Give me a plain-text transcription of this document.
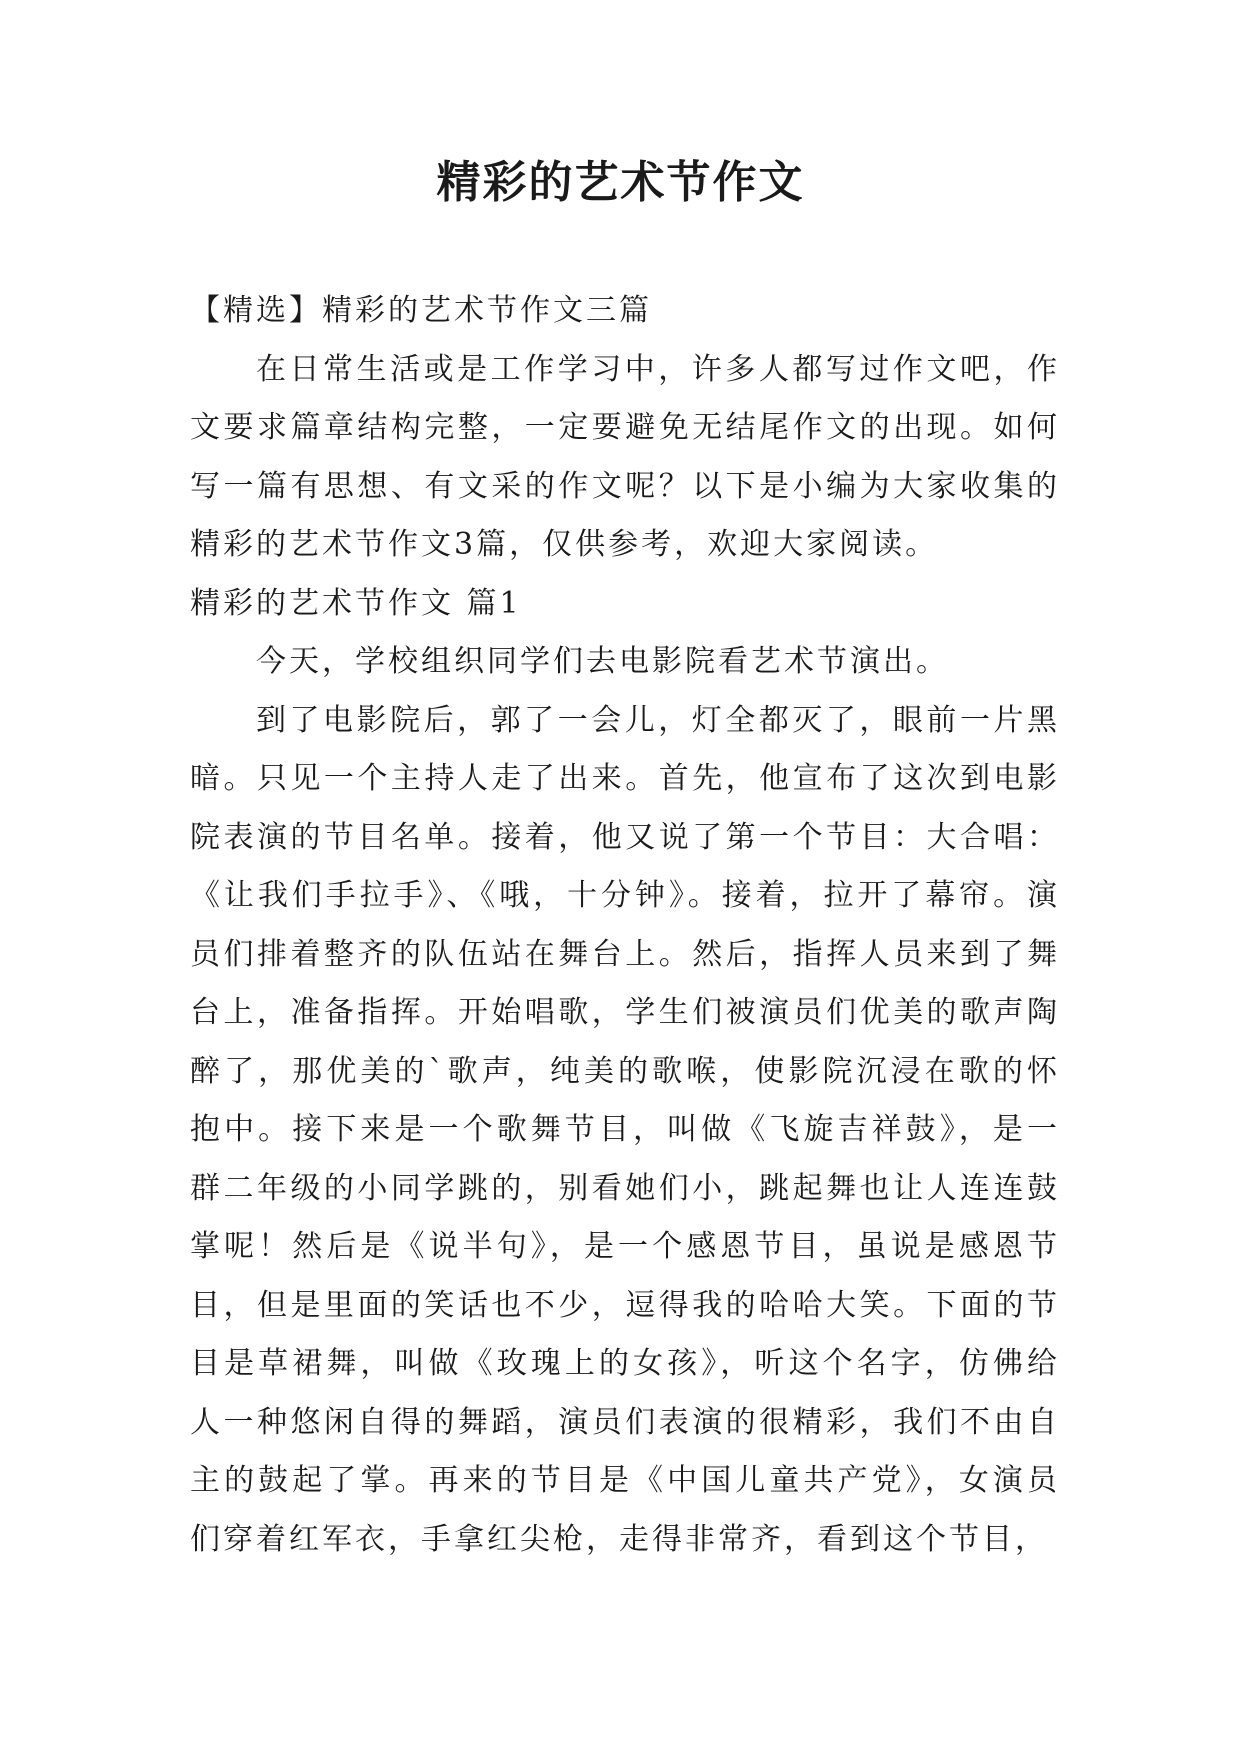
精彩的艺术节作文

【精选】精彩的艺术节作文三篇

在日常生活或是工作学习中，许多人都写过作文吧，作文要求篇章结构完整，一定要避免无结尾作文的出现。如何写一篇有思想、有文采的作文呢？以下是小编为大家收集的精彩的艺术节作文3篇，仅供参考，欢迎大家阅读。

精彩的艺术节作文 篇1

今天，学校组织同学们去电影院看艺术节演出。

到了电影院后，郭了一会儿，灯全都灭了，眼前一片黑暗。只见一个主持人走了出来。首先，他宣布了这次到电影院表演的节目名单。接着，他又说了第一个节目：大合唱：《让我们手拉手》、《哦，十分钟》。接着，拉开了幕帘。演员们排着整齐的队伍站在舞台上。然后，指挥人员来到了舞台上，准备指挥。开始唱歌，学生们被演员们优美的歌声陶醉了，那优美的`歌声，纯美的歌喉，使影院沉浸在歌的怀抱中。接下来是一个歌舞节目，叫做《飞旋吉祥鼓》，是一群二年级的小同学跳的，别看她们小，跳起舞也让人连连鼓掌呢！然后是《说半句》，是一个感恩节目，虽说是感恩节目，但是里面的笑话也不少，逗得我的哈哈大笑。下面的节目是草裙舞，叫做《玫瑰上的女孩》，听这个名字，仿佛给人一种悠闲自得的舞蹈，演员们表演的很精彩，我们不由自主的鼓起了掌。再来的节目是《中国儿童共产党》，女演员们穿着红军衣，手拿红尖枪，走得非常齐，看到这个节目，
